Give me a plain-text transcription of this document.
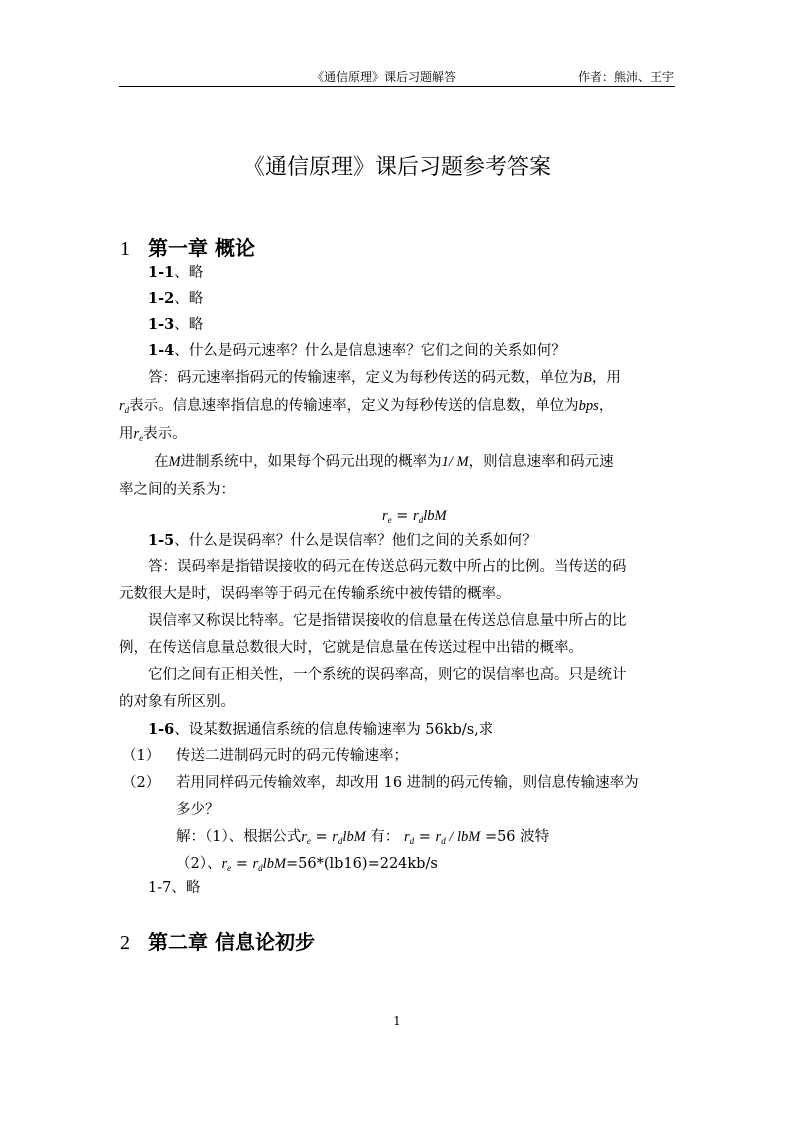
《通信原理》课后习题解答	作者：熊沛、王宇
《通信原理》课后习题参考答案
1 第一章 概论
1-1、略
1-2、略
1-3、略
1-4、什么是码元速率？什么是信息速率？它们之间的关系如何？
答：码元速率指码元的传输速率，定义为每秒传送的码元数，单位为B，用
$r_d$表示。信息速率指信息的传输速率，定义为每秒传送的信息数，单位为bps，
用$r_e$表示。
在M进制系统中，如果每个码元出现的概率为1/ M，则信息速率和码元速
率之间的关系为：
$r_e = r_dlbM$
1-5、什么是误码率？什么是误信率？他们之间的关系如何？
答：误码率是指错误接收的码元在传送总码元数中所占的比例。当传送的码
元数很大是时，误码率等于码元在传输系统中被传错的概率。
误信率又称误比特率。它是指错误接收的信息量在传送总信息量中所占的比
例，在传送信息量总数很大时，它就是信息量在传送过程中出错的概率。
它们之间有正相关性，一个系统的误码率高，则它的误信率也高。只是统计
的对象有所区别。
1-6、设某数据通信系统的信息传输速率为 56kb/s,求
（1） 传送二进制码元时的码元传输速率；
（2） 若用同样码元传输效率，却改用 16 进制的码元传输，则信息传输速率为
多少？
解：（1）、根据公式$r_e = r_dlbM$ 有： $r_d = r_d$ / lbM =56 波特
（2）、$r_e = r_dlbM=56*(lb16)=224kb/s$
1-7、略
2 第二章 信息论初步
1
